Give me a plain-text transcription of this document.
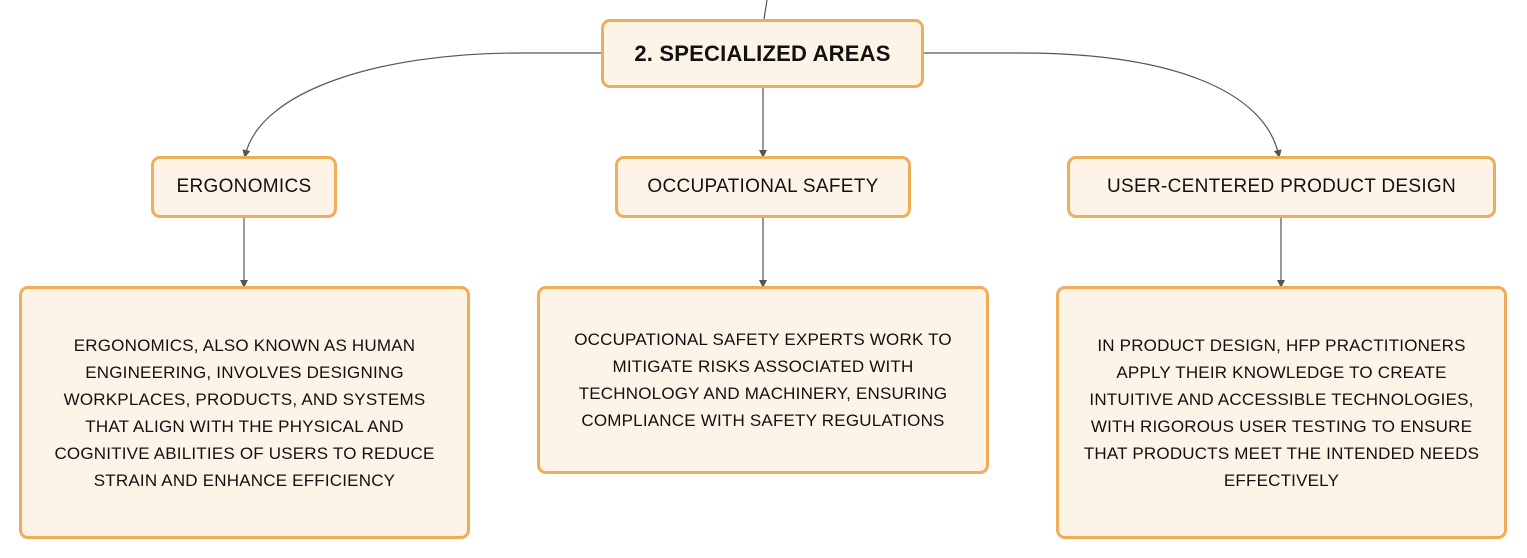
2. SPECIALIZED AREAS
ERGONOMICS	OCCUPATIONAL SAFETY	USER-CENTERED PRODUCT DESIGN
ERGONOMICS, ALSO KNOWN AS HUMAN ENGINEERING, INVOLVES DESIGNING WORKPLACES, PRODUCTS, AND SYSTEMS THAT ALIGN WITH THE PHYSICAL AND COGNITIVE ABILITIES OF USERS TO REDUCE STRAIN AND ENHANCE EFFICIENCY
OCCUPATIONAL SAFETY EXPERTS WORK TO MITIGATE RISKS ASSOCIATED WITH TECHNOLOGY AND MACHINERY, ENSURING COMPLIANCE WITH SAFETY REGULATIONS
IN PRODUCT DESIGN, HFP PRACTITIONERS APPLY THEIR KNOWLEDGE TO CREATE INTUITIVE AND ACCESSIBLE TECHNOLOGIES, WITH RIGOROUS USER TESTING TO ENSURE THAT PRODUCTS MEET THE INTENDED NEEDS EFFECTIVELY
